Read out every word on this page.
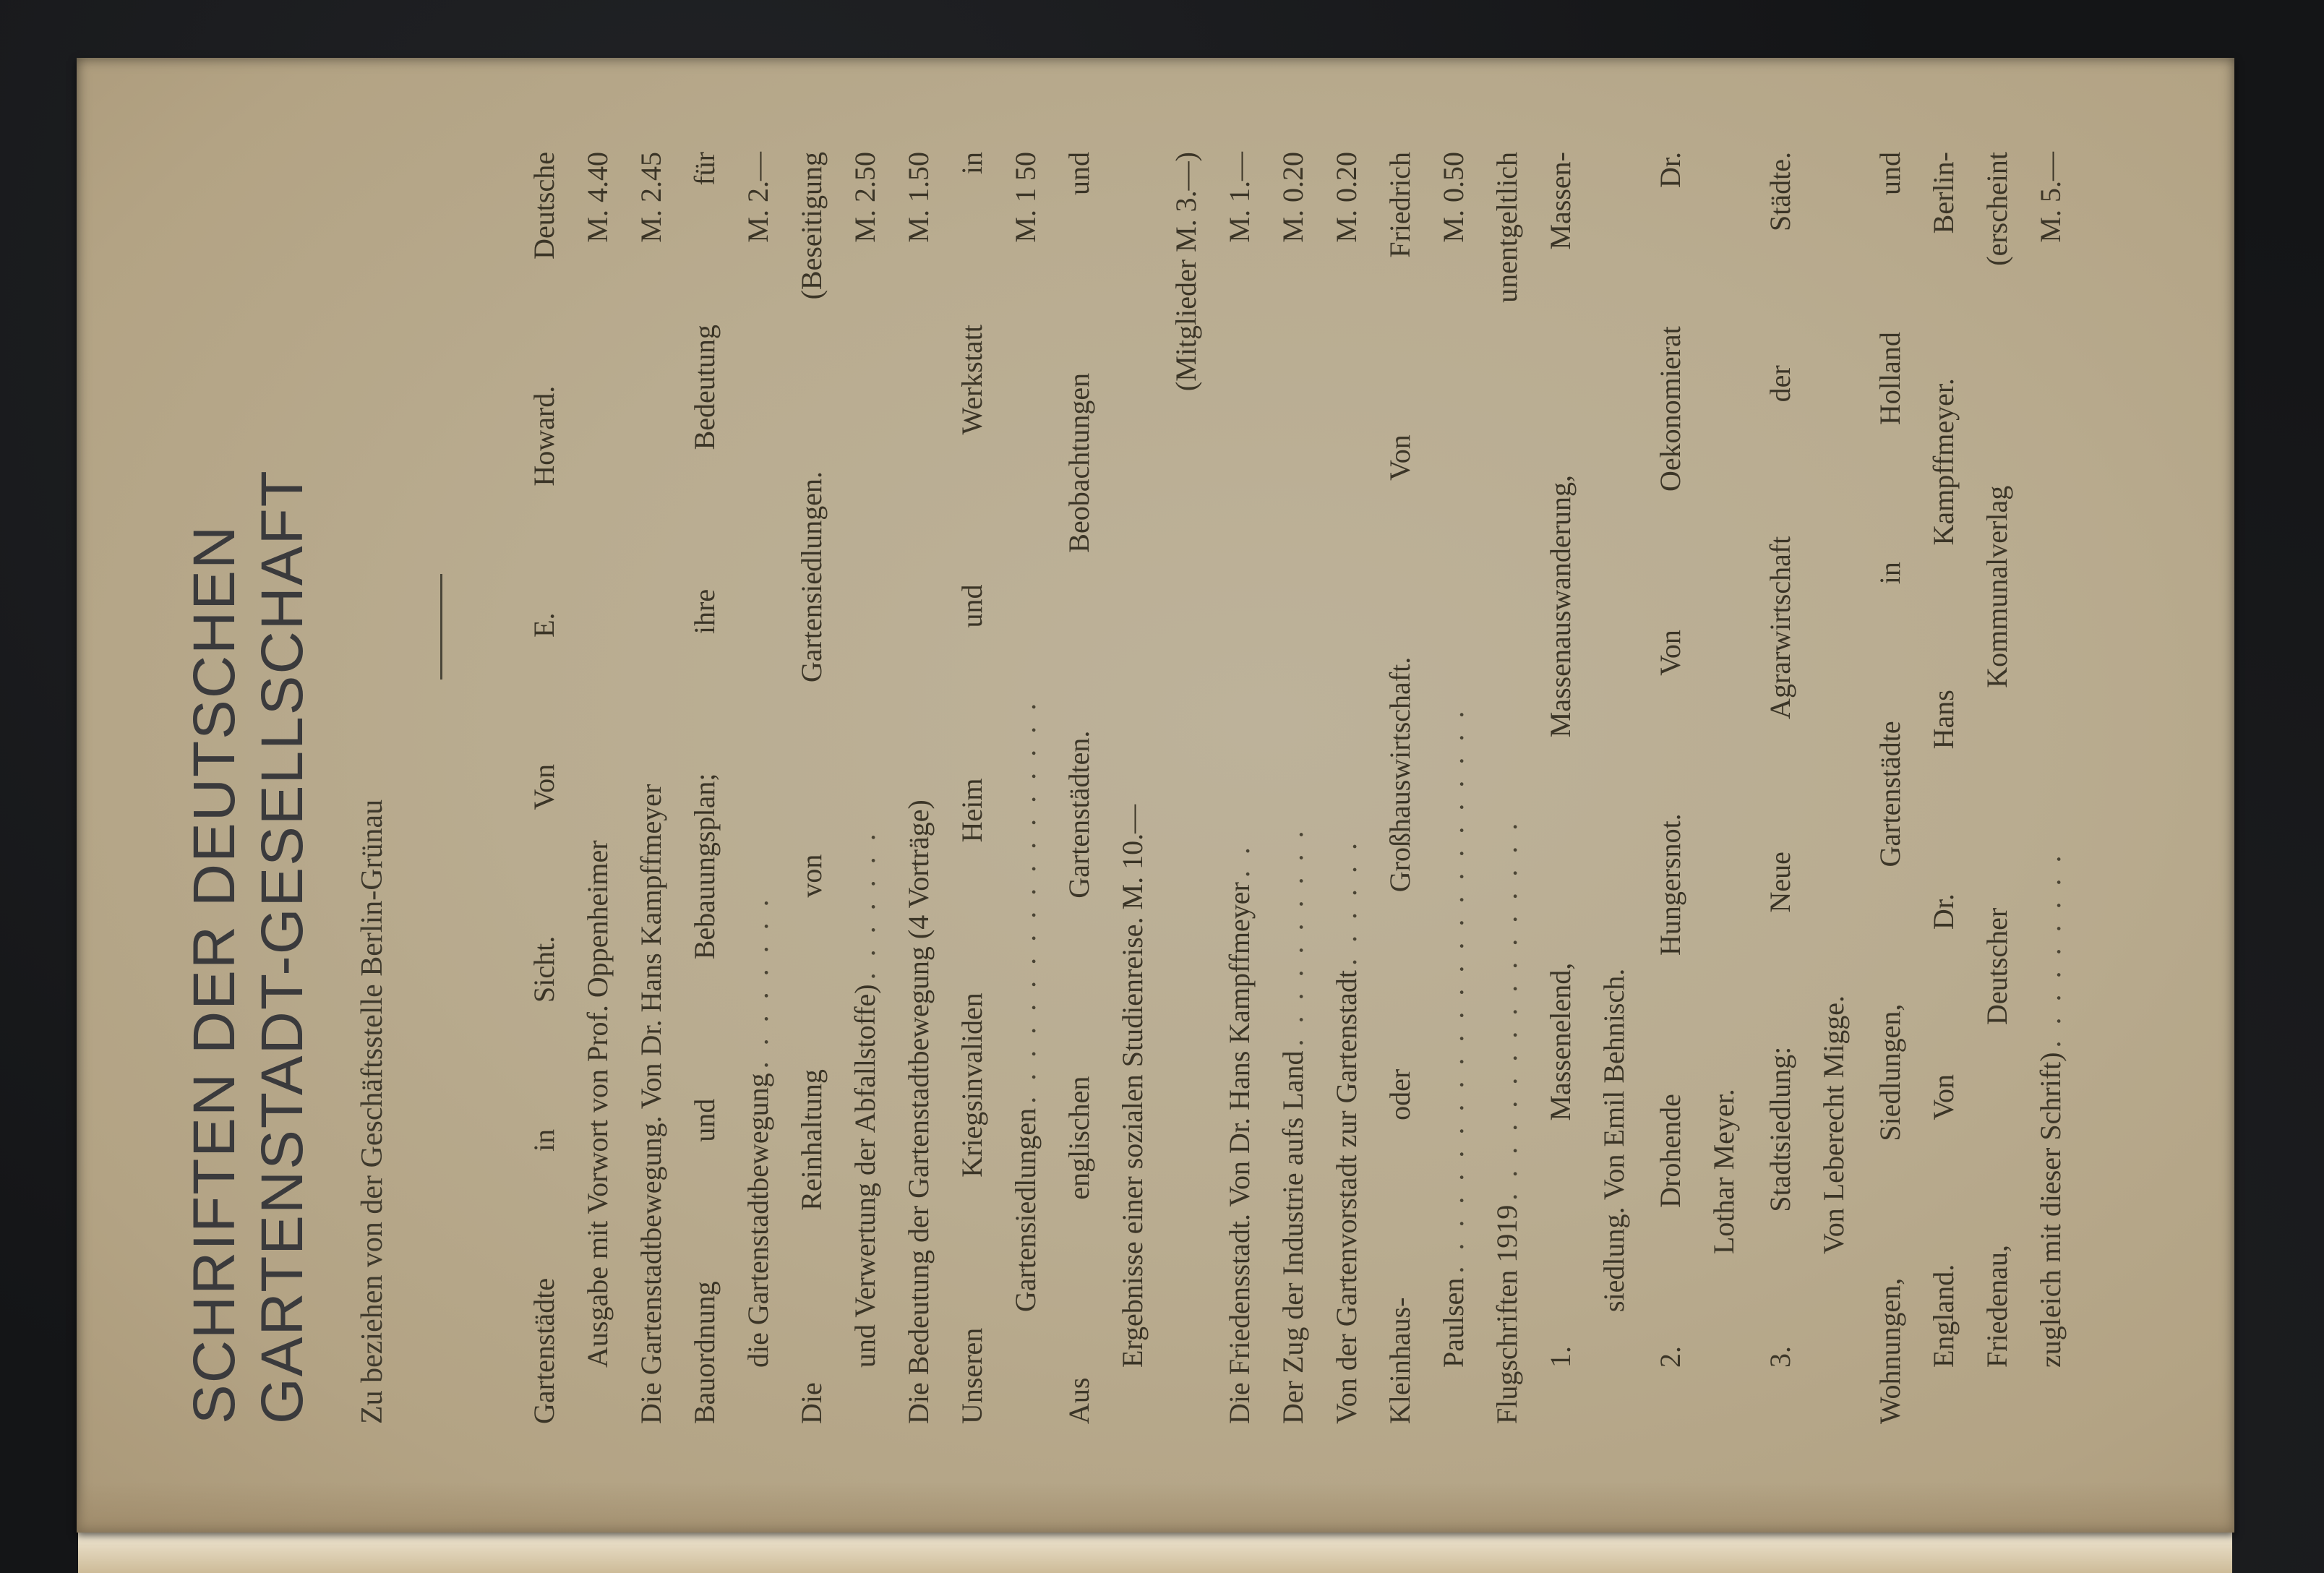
SCHRIFTEN DER DEUTSCHEN GARTENSTADT-GESELLSCHAFT Zu beziehen von der Geschäftsstelle Berlin-Grünau	Gartenstädte in Sicht. Von E. Howard. Deutsche Ausgabe mit Vorwort von Prof. Oppenheimer
M. 4.40
Die Gartenstadtbewegung. Von Dr. Hans Kampffmeyer
M. 2.45 Bauordnung und Bebauungsplan; ihre Bedeutung für die Gartenstadtbewegung
. . . . . . . .
M. 2.— Die Reinhaltung von Gartensiedlungen. (Beseitigung und Verwertung der Abfallstoffe)
. . . . . . .
M. 2.50
Die Bedeutung der Gartenstadtbewegung (4 Vorträge)
M. 1.50 Unseren Kriegsinvaliden Heim und Werkstatt in Gartensiedlungen
. . . . . . . . . . . . . . . . . .
M. 1 50 Aus englischen Gartenstädten. Beobachtungen und Ergebnisse einer sozialen Studienreise. M. 10.—
(Mitglieder M. 3.—)
Die Friedensstadt. Von Dr. Hans Kampffmeyer
. .
M. 1.—
Der Zug der Industrie aufs Land
. . . . . . . . . .
M. 0.20
Von der Gartenvorstadt zur Gartenstadt
. . . . . .
M. 0.20 Kleinhaus- oder Großhauswirtschaft. Von Friedrich Paulsen
. . . . . . . . . . . . . . . . . . . . . . . . .
M. 0.50
Flugschriften 1919
. . . . . . . . . . . . . . . . .
unentgeltlich 1. Massenelend, Massenauswanderung, Massen- siedlung. Von Emil Behnisch. 2. Drohende Hungersnot. Von Oekonomierat Dr. Lothar Meyer. 3. Stadtsiedlung: Neue Agrarwirtschaft der Städte. Von Leberecht Migge. Wohnungen, Siedlungen, Gartenstädte in Holland und England. Von Dr. Hans Kampffmeyer. Berlin- Friedenau, Deutscher Kommunalverlag (erscheint zugleich mit dieser Schrift)
. . . . . . . . .
M. 5.—
